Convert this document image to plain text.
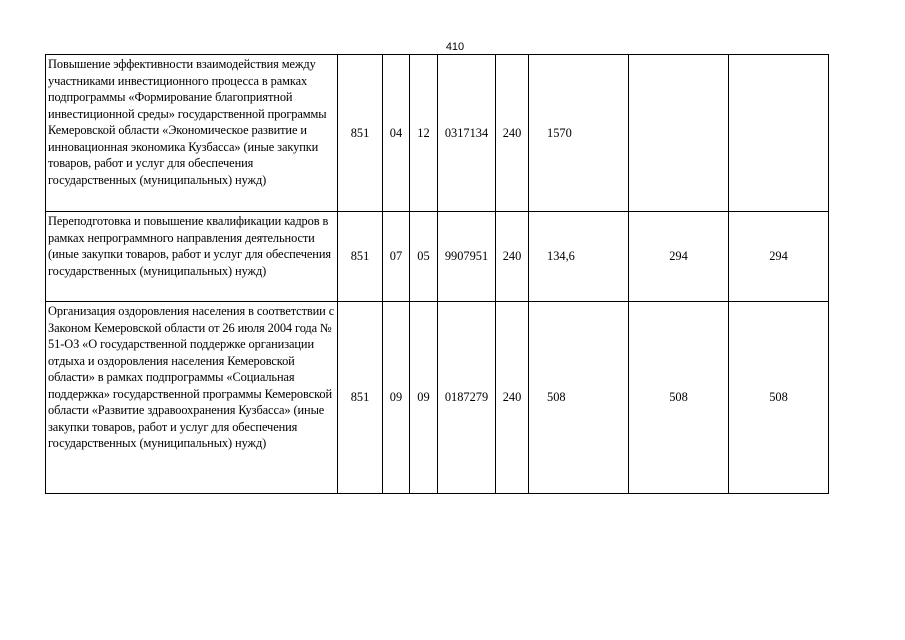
410
Повышение эффективности взаимодействия между участниками инвестиционного процесса в рамках подпрограммы «Формирование благоприятной инвестиционной среды» государственной программы Кемеровской области «Экономическое развитие и инновационная экономика Кузбасса» (иные закупки товаров, работ и услуг для обеспечения государственных (муниципальных) нужд)	851	04	12	0317134	240	1570		
Переподготовка и повышение квалификации кадров в рамках непрограммного направления деятельности (иные закупки товаров, работ и услуг для обеспечения государственных (муниципальных) нужд)	851	07	05	9907951	240	134,6	294	294
Организация оздоровления населения в соответствии с Законом Кемеровской области от 26 июля 2004 года № 51-ОЗ «О государственной поддержке организации отдыха и оздоровления населения Кемеровской области» в рамках подпрограммы «Социальная поддержка» государственной программы Кемеровской области «Развитие здравоохранения Кузбасса» (иные закупки товаров, работ и услуг для обеспечения государственных (муниципальных) нужд)	851	09	09	0187279	240	508	508	508
